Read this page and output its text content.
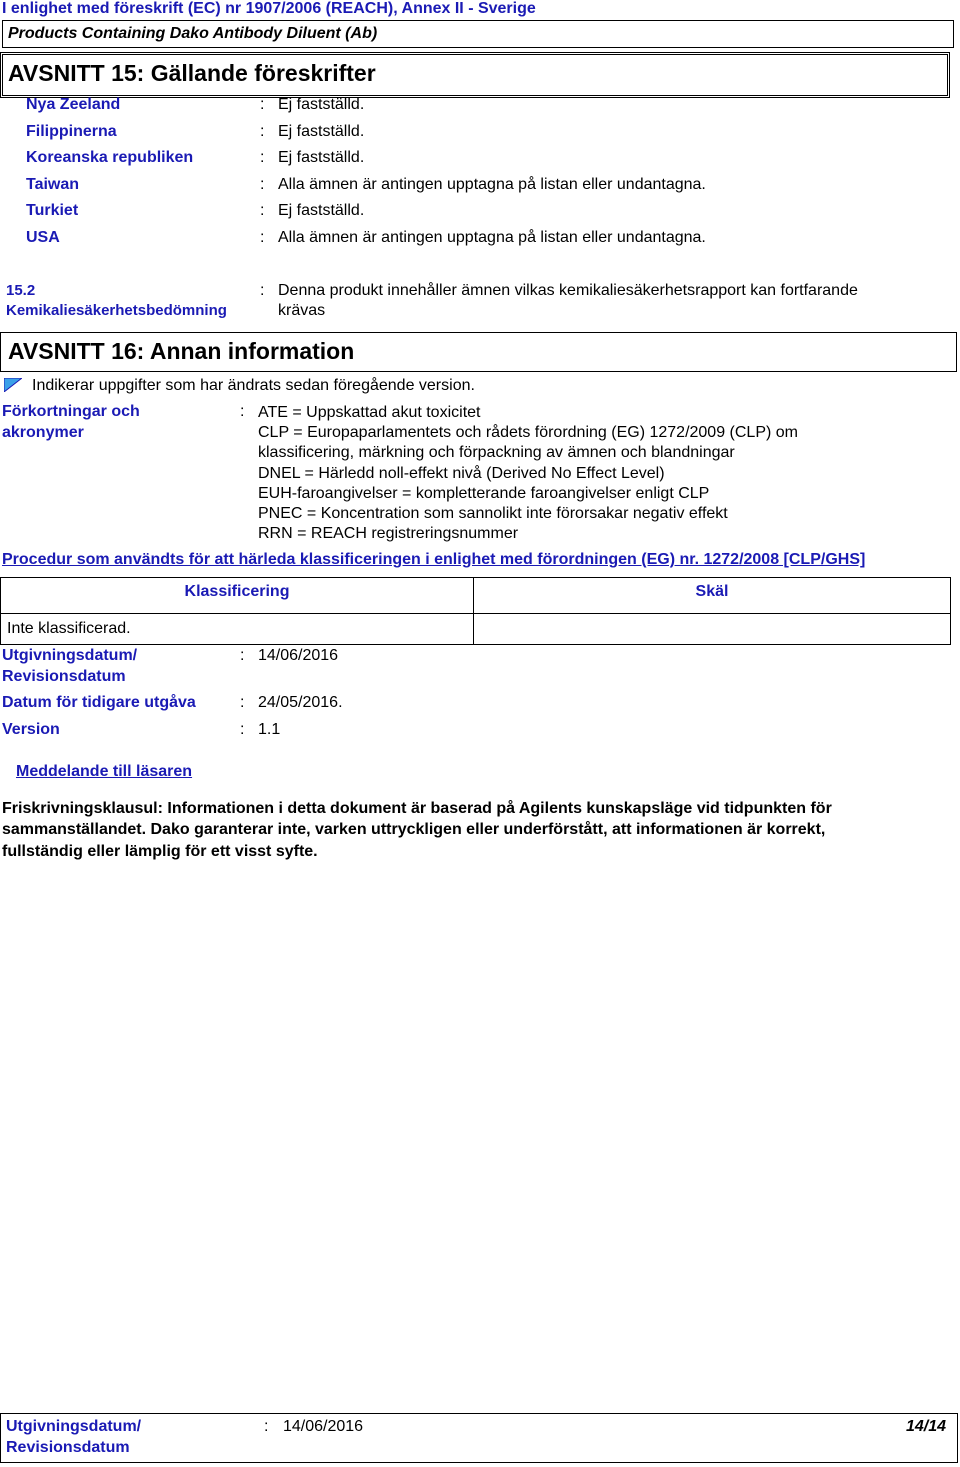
I enlighet med föreskrift (EC) nr 1907/2006 (REACH), Annex II - Sverige
Products Containing Dako Antibody Diluent (Ab)
AVSNITT 15: Gällande föreskrifter
Nya Zeeland	: Ej fastställd.
Filippinerna	: Ej fastställd.
Koreanska republiken	: Ej fastställd.
Taiwan	: Alla ämnen är antingen upptagna på listan eller undantagna.
Turkiet	: Ej fastställd.
USA	: Alla ämnen är antingen upptagna på listan eller undantagna.
15.2
Kemikaliesäkerhetsbedömning
: Denna produkt innehåller ämnen vilkas kemikaliesäkerhetsrapport kan fortfarande
krävas
AVSNITT 16: Annan information
Indikerar uppgifter som har ändrats sedan föregående version.
Förkortningar och
akronymer
: ATE = Uppskattad akut toxicitet
CLP = Europaparlamentets och rådets förordning (EG) 1272/2009 (CLP) om
klassificering, märkning och förpackning av ämnen och blandningar
DNEL = Härledd noll-effekt nivå (Derived No Effect Level)
EUH-faroangivelser = kompletterande faroangivelser enligt CLP
PNEC = Koncentration som sannolikt inte förorsakar negativ effekt
RRN = REACH registreringsnummer
Procedur som användts för att härleda klassificeringen i enlighet med förordningen (EG) nr. 1272/2008 [CLP/GHS]
Klassificering	Skäl
Inte klassificerad.	
Utgivningsdatum/
Revisionsdatum
: 14/06/2016
Datum för tidigare utgåva	: 24/05/2016.
Version	: 1.1
Meddelande till läsaren
Friskrivningsklausul: Informationen i detta dokument är baserad på Agilents kunskapsläge vid tidpunkten för
sammanställandet. Dako garanterar inte, varken uttryckligen eller underförstått, att informationen är korrekt,
fullständig eller lämplig för ett visst syfte.
Utgivningsdatum/
Revisionsdatum
: 14/06/2016	14/14
